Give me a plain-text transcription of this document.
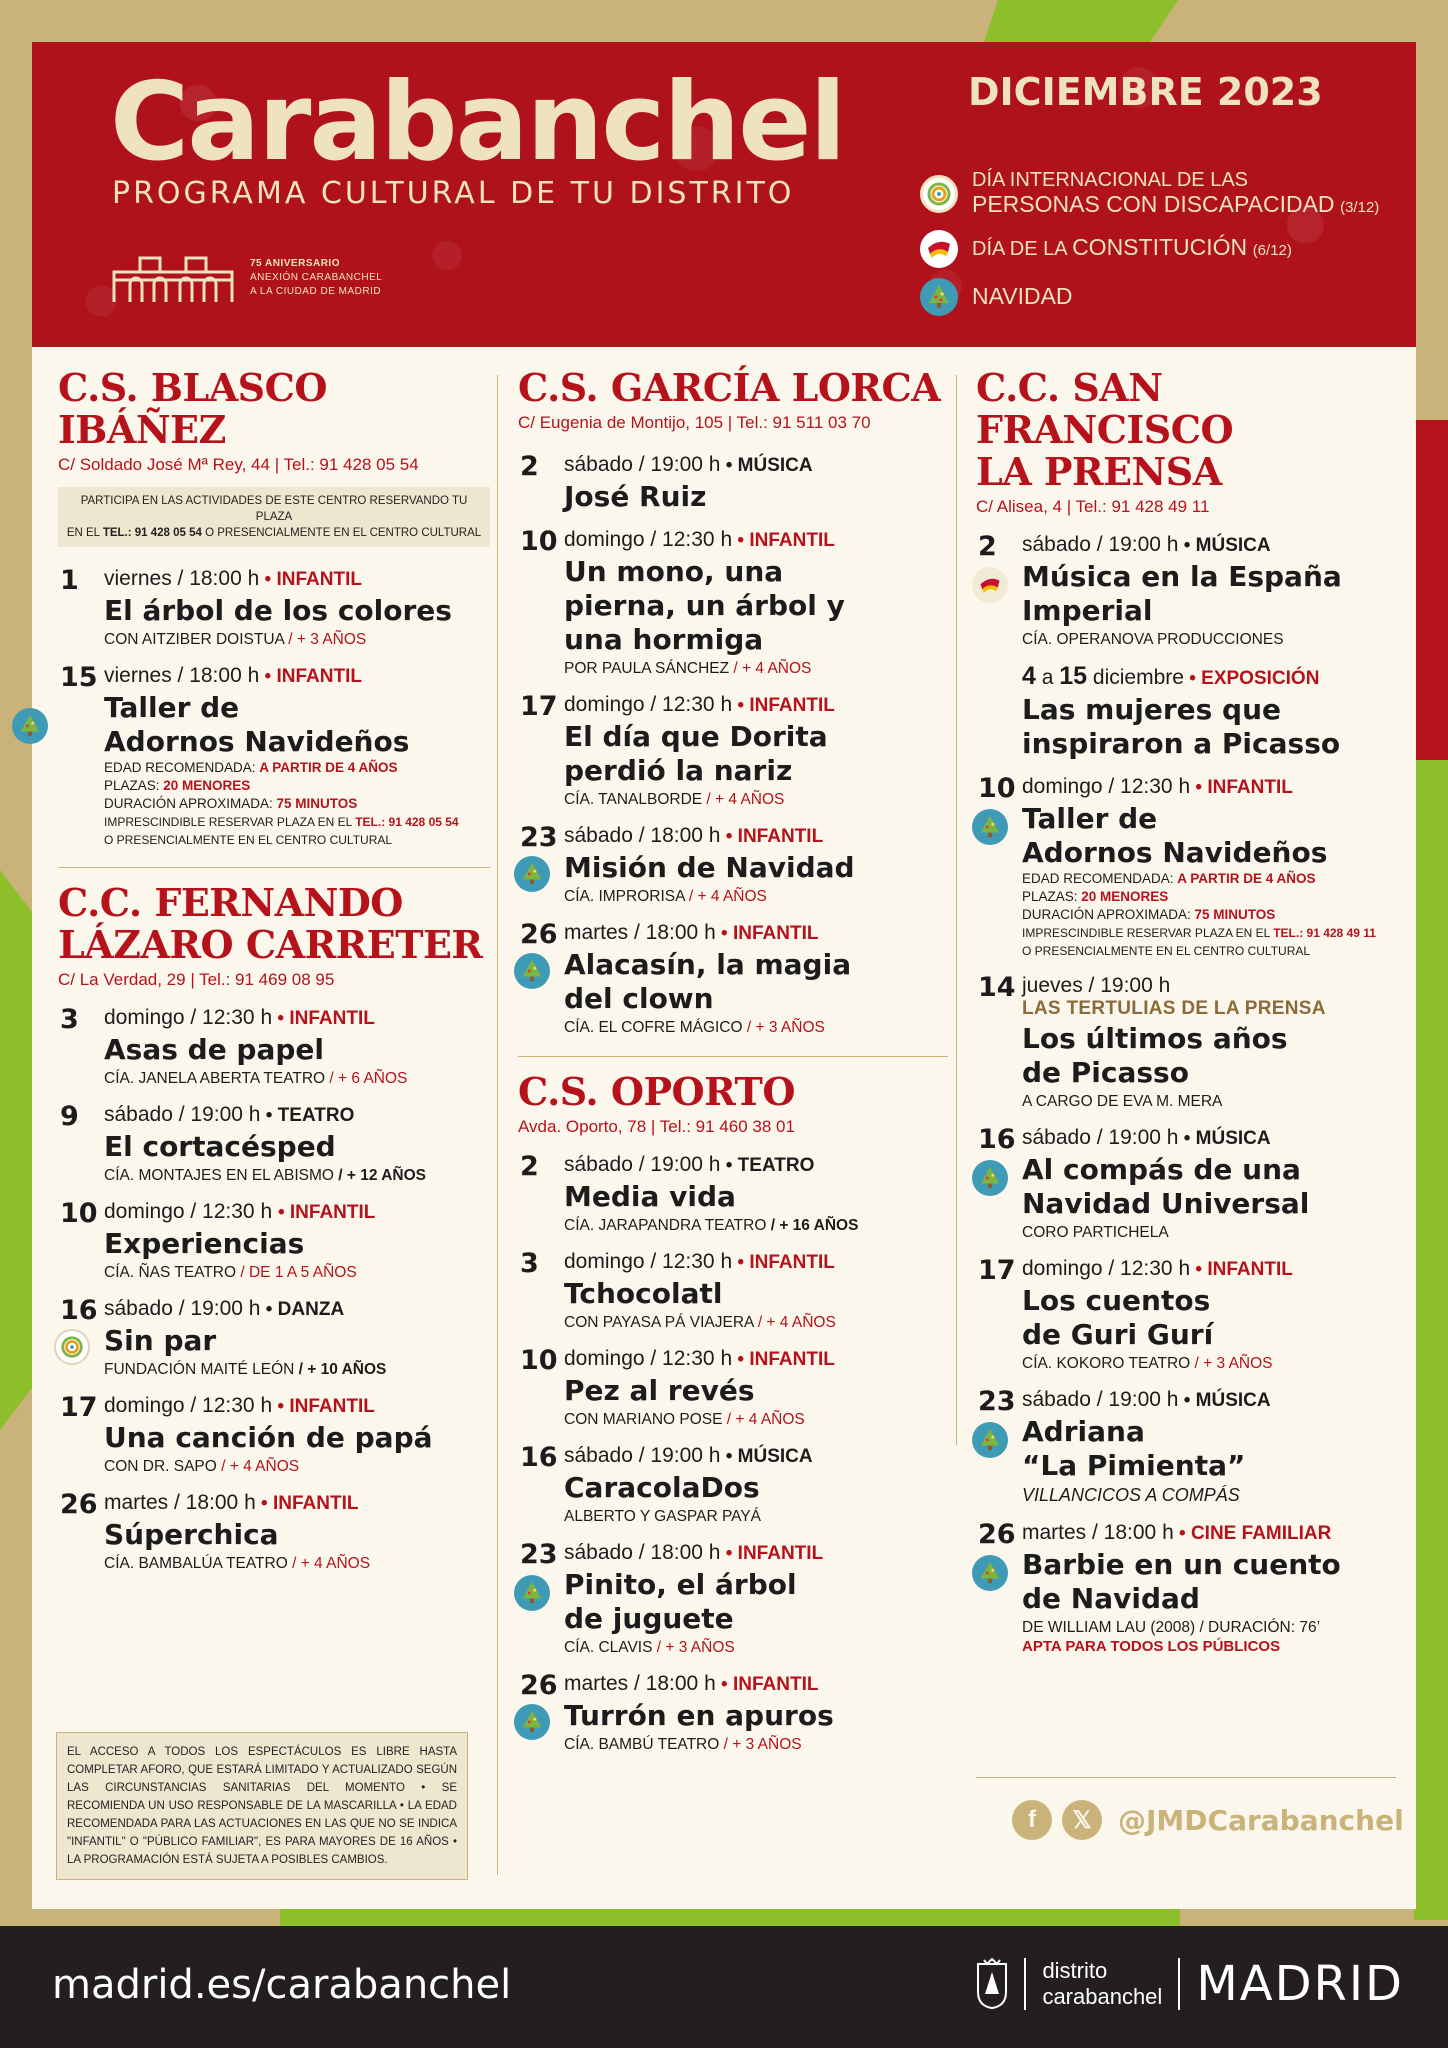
Carabanchel
PROGRAMA CULTURAL DE TU DISTRITO
75 ANIVERSARIO
ANEXIÓN CARABANCHEL
A LA CIUDAD DE MADRID
DICIEMBRE 2023
DÍA INTERNACIONAL DE LAS
PERSONAS CON DISCAPACIDAD (3/12)
DÍA DE LA CONSTITUCIÓN (6/12)
NAVIDAD
C.S. BLASCO IBÁÑEZ
C/ Soldado José Mª Rey, 44 | Tel.: 91 428 05 54
PARTICIPA EN LAS ACTIVIDADES DE ESTE CENTRO RESERVANDO TU PLAZA
EN EL TEL.: 91 428 05 54 O PRESENCIALMENTE EN EL CENTRO CULTURAL
1	viernes / 18:00 h • INFANTIL
El árbol de los colores
CON AITZIBER DOISTUA / + 3 AÑOS
15 viernes / 18:00 h • INFANTIL
Taller de
Adornos Navideños
EDAD RECOMENDADA: A PARTIR DE 4 AÑOS
PLAZAS: 20 MENORES
DURACIÓN APROXIMADA: 75 MINUTOS
IMPRESCINDIBLE RESERVAR PLAZA EN EL TEL.: 91 428 05 54
O PRESENCIALMENTE EN EL CENTRO CULTURAL
C.C. FERNANDO
LÁZARO CARRETER
C/ La Verdad, 29 | Tel.: 91 469 08 95
3	domingo / 12:30 h • INFANTIL
Asas de papel
CÍA. JANELA ABERTA TEATRO / + 6 AÑOS
9	sábado / 19:00 h • TEATRO
El cortacésped
CÍA. MONTAJES EN EL ABISMO / + 12 AÑOS
10 domingo / 12:30 h • INFANTIL
Experiencias
CÍA. ÑAS TEATRO / DE 1 A 5 AÑOS
16 sábado / 19:00 h • DANZA
Sin par
FUNDACIÓN MAITÉ LEÓN / + 10 AÑOS
17 domingo / 12:30 h • INFANTIL
Una canción de papá
CON DR. SAPO / + 4 AÑOS
26 martes / 18:00 h • INFANTIL
Súperchica
CÍA. BAMBALÚA TEATRO / + 4 AÑOS
EL ACCESO A TODOS LOS ESPECTÁCULOS ES LIBRE HASTA COMPLETAR AFORO, QUE ESTARÁ LIMITADO Y ACTUALIZADO SEGÚN LAS CIRCUNSTANCIAS SANITARIAS DEL MOMENTO • SE RECOMIENDA UN USO RESPONSABLE DE LA MASCARILLA • LA EDAD RECOMENDADA PARA LAS ACTUACIONES EN LAS QUE NO SE INDICA "INFANTIL" O "PÚBLICO FAMILIAR", ES PARA MAYORES DE 16 AÑOS • LA PROGRAMACIÓN ESTÁ SUJETA A POSIBLES CAMBIOS.
C.S. GARCÍA LORCA
C/ Eugenia de Montijo, 105 | Tel.: 91 511 03 70
2	sábado / 19:00 h • MÚSICA
José Ruiz
10 domingo / 12:30 h • INFANTIL
Un mono, una
pierna, un árbol y
una hormiga
POR PAULA SÁNCHEZ / + 4 AÑOS
17 domingo / 12:30 h • INFANTIL
El día que Dorita
perdió la nariz
CÍA. TANALBORDE / + 4 AÑOS
23 sábado / 18:00 h • INFANTIL
Misión de Navidad
CÍA. IMPRORISA / + 4 AÑOS
26 martes / 18:00 h • INFANTIL
Alacasín, la magia
del clown
CÍA. EL COFRE MÁGICO / + 3 AÑOS
C.S. OPORTO
Avda. Oporto, 78 | Tel.: 91 460 38 01
2	sábado / 19:00 h • TEATRO
Media vida
CÍA. JARAPANDRA TEATRO / + 16 AÑOS
3	domingo / 12:30 h • INFANTIL
Tchocolatl
CON PAYASA PÁ VIAJERA / + 4 AÑOS
10 domingo / 12:30 h • INFANTIL
Pez al revés
CON MARIANO POSE / + 4 AÑOS
16 sábado / 19:00 h • MÚSICA
CaracolaDos
ALBERTO Y GASPAR PAYÁ
23 sábado / 18:00 h • INFANTIL
Pinito, el árbol
de juguete
CÍA. CLAVIS / + 3 AÑOS
26 martes / 18:00 h • INFANTIL
Turrón en apuros
CÍA. BAMBÚ TEATRO / + 3 AÑOS
C.C. SAN FRANCISCO
LA PRENSA
C/ Alisea, 4 | Tel.: 91 428 49 11
2	sábado / 19:00 h • MÚSICA
Música en la España
Imperial
CÍA. OPERANOVA PRODUCCIONES
4 a 15 diciembre • EXPOSICIÓN
Las mujeres que
inspiraron a Picasso
10 domingo / 12:30 h • INFANTIL
Taller de
Adornos Navideños
EDAD RECOMENDADA: A PARTIR DE 4 AÑOS
PLAZAS: 20 MENORES
DURACIÓN APROXIMADA: 75 MINUTOS
IMPRESCINDIBLE RESERVAR PLAZA EN EL TEL.: 91 428 49 11
O PRESENCIALMENTE EN EL CENTRO CULTURAL
14 jueves / 19:00 h
LAS TERTULIAS DE LA PRENSA
Los últimos años
de Picasso
A CARGO DE EVA M. MERA
16 sábado / 19:00 h • MÚSICA
Al compás de una
Navidad Universal
CORO PARTICHELA
17 domingo / 12:30 h • INFANTIL
Los cuentos
de Guri Gurí
CÍA. KOKORO TEATRO / + 3 AÑOS
23 sábado / 19:00 h • MÚSICA
Adriana
“La Pimienta”
VILLANCICOS A COMPÁS
26 martes / 18:00 h • CINE FAMILIAR
Barbie en un cuento
de Navidad
DE WILLIAM LAU (2008) / DURACIÓN: 76’
APTA PARA TODOS LOS PÚBLICOS
f	𝕏 @JMDCarabanchel
madrid.es/carabanchel	distrito
carabanchel MADRID
